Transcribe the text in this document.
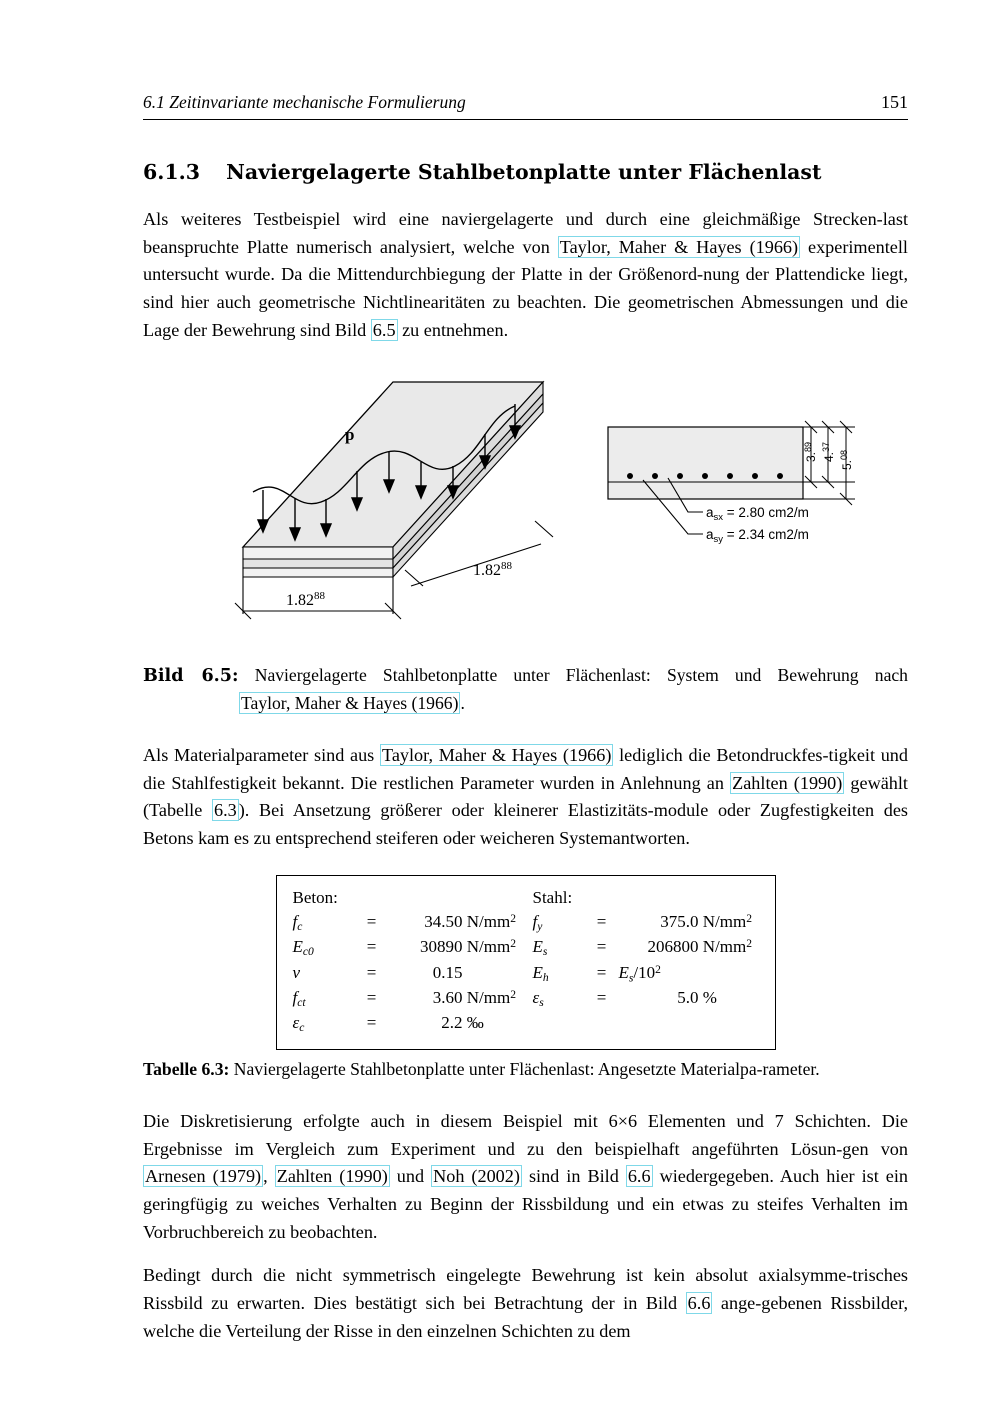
6.1 Zeitinvariante mechanische Formulierung	151
6.1.3 Naviergelagerte Stahlbetonplatte unter Flächenlast

Als weiteres Testbeispiel wird eine naviergelagerte und durch eine gleichmäßige Strecken-last beanspruchte Platte numerisch analysiert, welche von Taylor, Maher & Hayes (1966) experimentell untersucht wurde. Da die Mittendurchbiegung der Platte in der Größenord-nung der Plattendicke liegt, sind hier auch geometrische Nichtlinearitäten zu beachten. Die geometrischen Abmessungen und die Lage der Bewehrung sind Bild 6.5 zu entnehmen.

p
1.82$^{88}$
1.82$^{88}$
$a_{sx} = 2.80$ cm2/m
$a_{sy} = 2.34$ cm2/m
3.89
4.37
5.08

Bild 6.5: Naviergelagerte Stahlbetonplatte unter Flächenlast: System und Bewehrung nach Taylor, Maher & Hayes (1966) .

Als Materialparameter sind aus Taylor, Maher & Hayes (1966) lediglich die Betondruckfes-tigkeit und die Stahlfestigkeit bekannt. Die restlichen Parameter wurden in Anlehnung an Zahlten (1990) gewählt (Tabelle 6.3 ). Bei Ansetzung größerer oder kleinerer Elastizitäts-module oder Zugfestigkeiten des Betons kam es zu entsprechend steiferen oder weicheren Systemantworten.

Beton:	Stahl:
$f_c$	=	34.50 $N/mm^2$ $f_y$	=	375.0 $N/mm^2$
$E_{c0}$	=	30890 $N/mm^2$ $E_s$	=	206800 $N/mm^2$
ν	=	0.15	$E_h$	= $E_s/10^2$
$f_{ct}$	=	3.60 $N/mm^2$ $\varepsilon_s$	=	5.0 %
$\varepsilon_c$	=	2.2 ‰

Tabelle 6.3: Naviergelagerte Stahlbetonplatte unter Flächenlast: Angesetzte Materialpa-rameter.

Die Diskretisierung erfolgte auch in diesem Beispiel mit 6×6 Elementen und 7 Schichten. Die Ergebnisse im Vergleich zum Experiment und zu den beispielhaft angeführten Lösun-gen von Arnesen (1979) , Zahlten (1990) und Noh (2002) sind in Bild 6.6 wiedergegeben. Auch hier ist ein geringfügig zu weiches Verhalten zu Beginn der Rissbildung und ein etwas zu steifes Verhalten im Vorbruchbereich zu beobachten.

Bedingt durch die nicht symmetrisch eingelegte Bewehrung ist kein absolut axialsymme-trisches Rissbild zu erwarten. Dies bestätigt sich bei Betrachtung der in Bild 6.6 ange-gebenen Rissbilder, welche die Verteilung der Risse in den einzelnen Schichten zu dem
